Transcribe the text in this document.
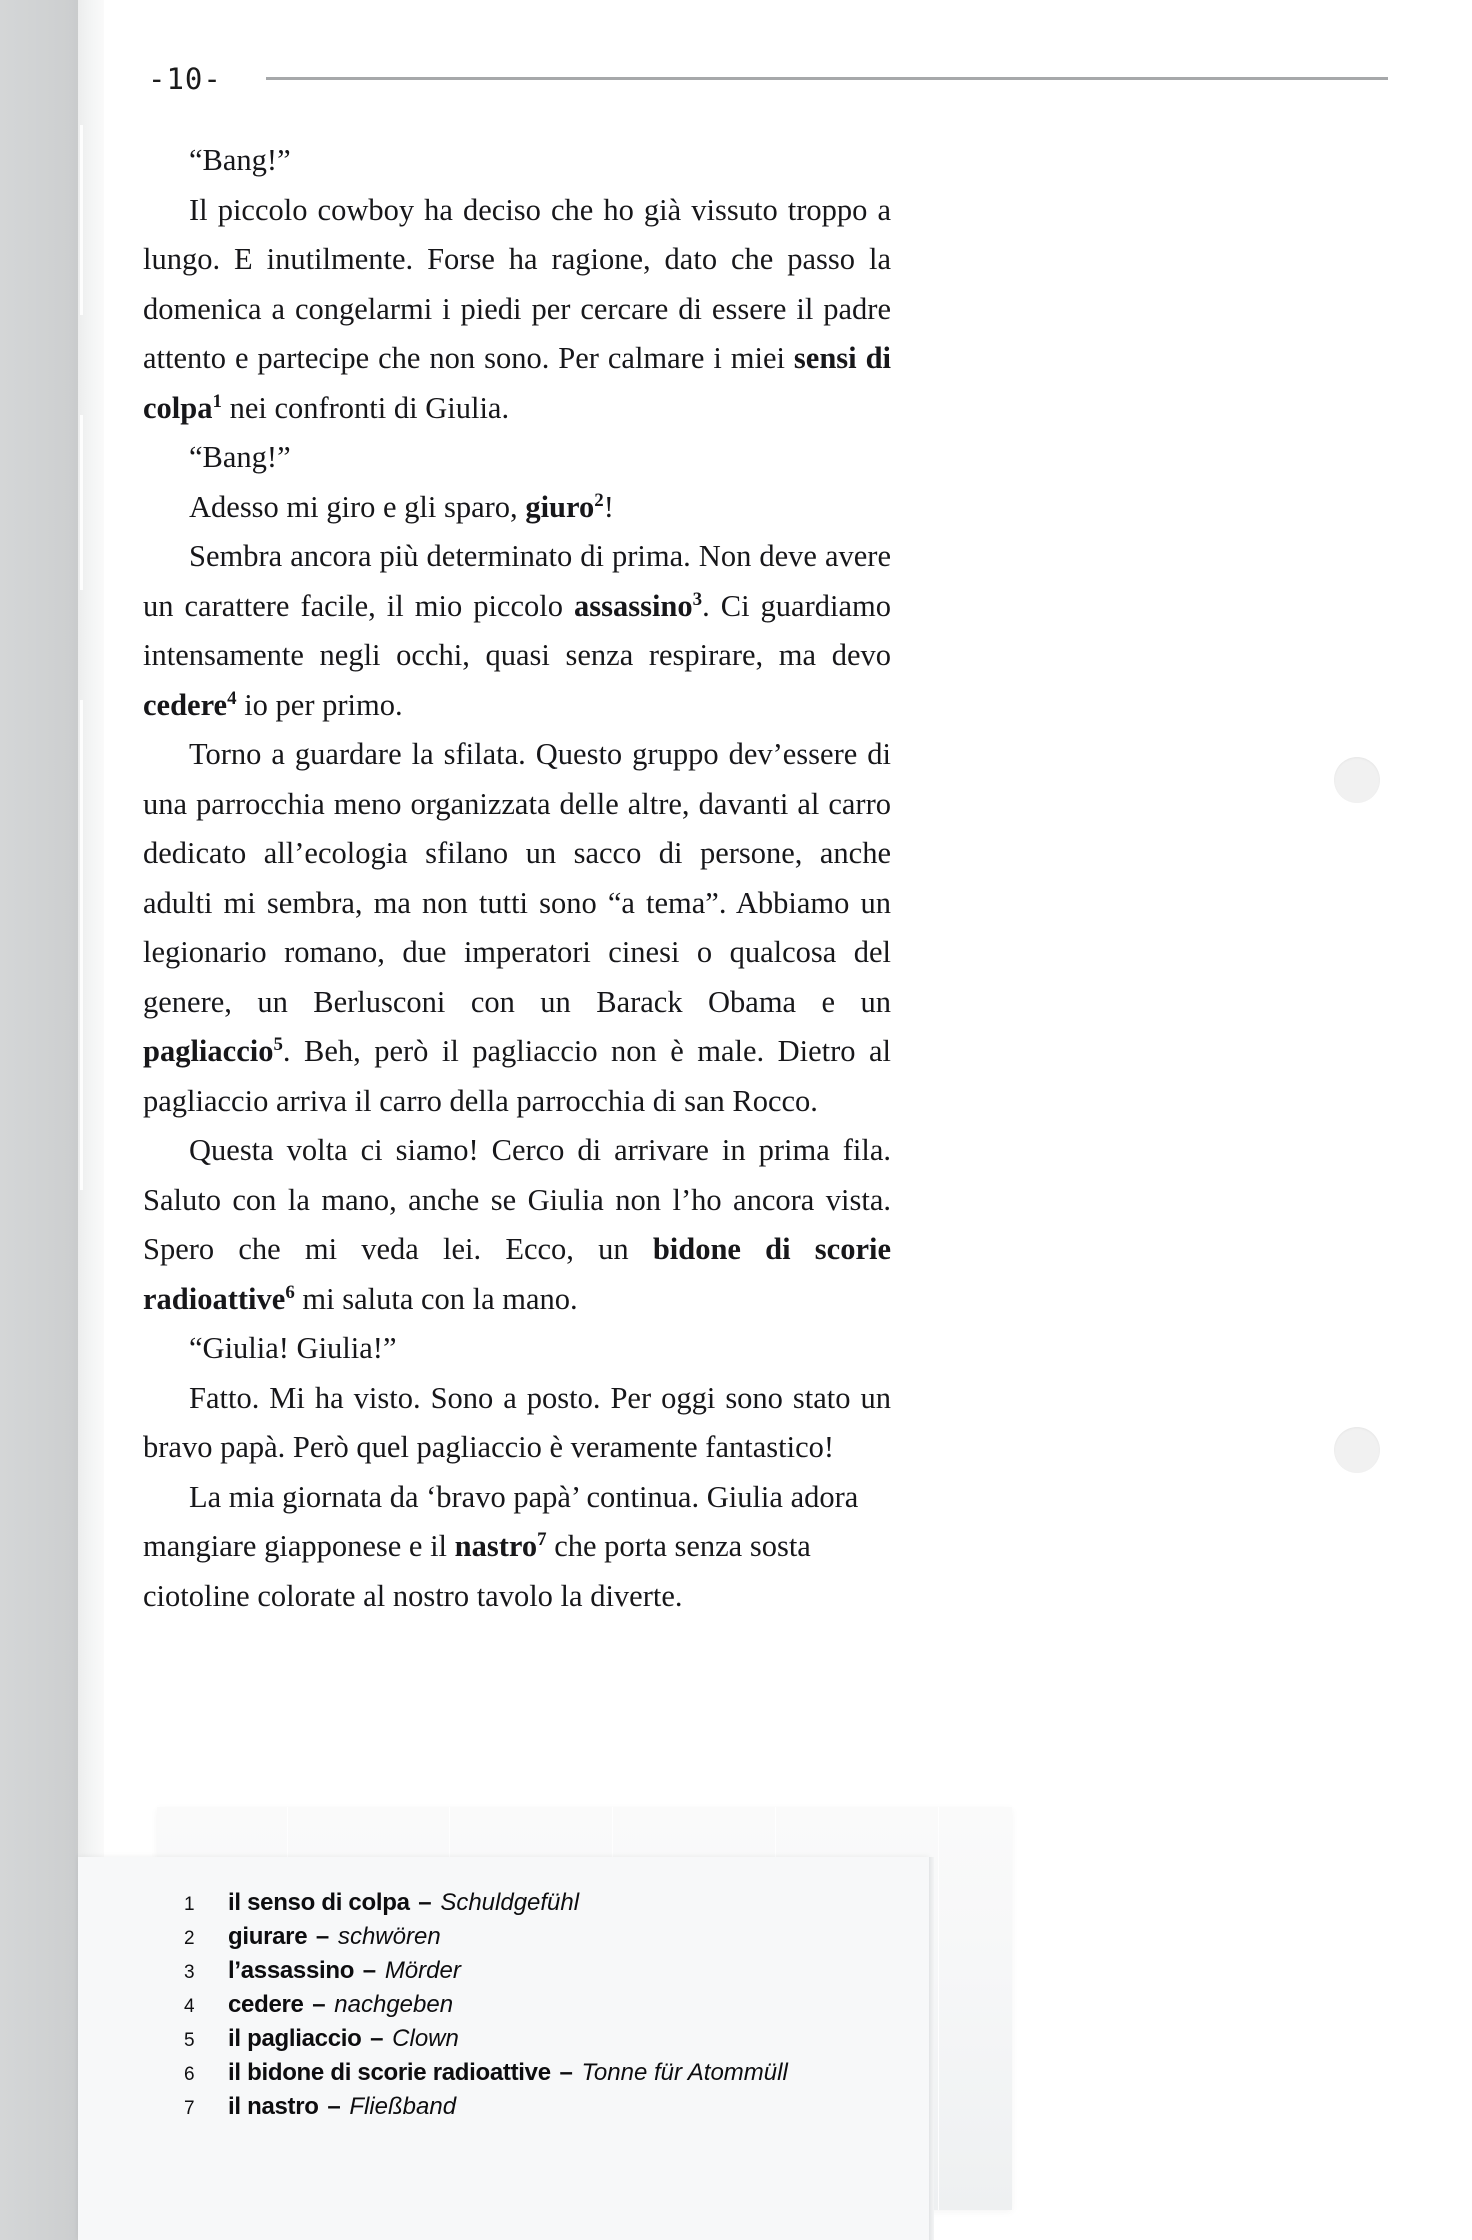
-10-

“Bang!”

Il piccolo cowboy ha deciso che ho già vissuto troppo a lungo. E inutilmente. Forse ha ragione, dato che passo la domenica a congelarmi i piedi per cercare di essere il padre attento e partecipe che non sono. Per calmare i miei sensi di colpa$^1$ nei confronti di Giulia.

“Bang!”

Adesso mi giro e gli sparo, giuro$^2$!

Sembra ancora più determinato di prima. Non deve avere un carattere facile, il mio piccolo assassino$^3$. Ci guardiamo intensamente negli occhi, quasi senza respirare, ma devo cedere$^4$ io per primo.

Torno a guardare la sfilata. Questo gruppo dev’essere di una parrocchia meno organizzata delle altre, davanti al carro dedicato all’ecologia sfilano un sacco di persone, anche adulti mi sembra, ma non tutti sono “a tema”. Abbiamo un legionario romano, due imperatori cinesi o qualcosa del genere, un Berlusconi con un Barack Obama e un pagliaccio$^5$. Beh, però il pagliaccio non è male. Dietro al pagliaccio arriva il carro della parrocchia di san Rocco.

Questa volta ci siamo! Cerco di arrivare in prima fila. Saluto con la mano, anche se Giulia non l’ho ancora vista. Spero che mi veda lei. Ecco, un bidone di scorie radioattive$^6$ mi saluta con la mano.

“Giulia! Giulia!”

Fatto. Mi ha visto. Sono a posto. Per oggi sono stato un bravo papà. Però quel pagliaccio è veramente fantastico!

La mia giornata da ‘bravo papà’ continua. Giulia adora mangiare giapponese e il nastro$^7$ che porta senza sosta ciotoline colorate al nostro tavolo la diverte.

1	il senso di colpa – Schuldgefühl
2	giurare – schwören
3	l’assassino – Mörder
4	cedere – nachgeben
5	il pagliaccio – Clown
6	il bidone di scorie radioattive – Tonne für Atommüll
7	il nastro – Fließband
